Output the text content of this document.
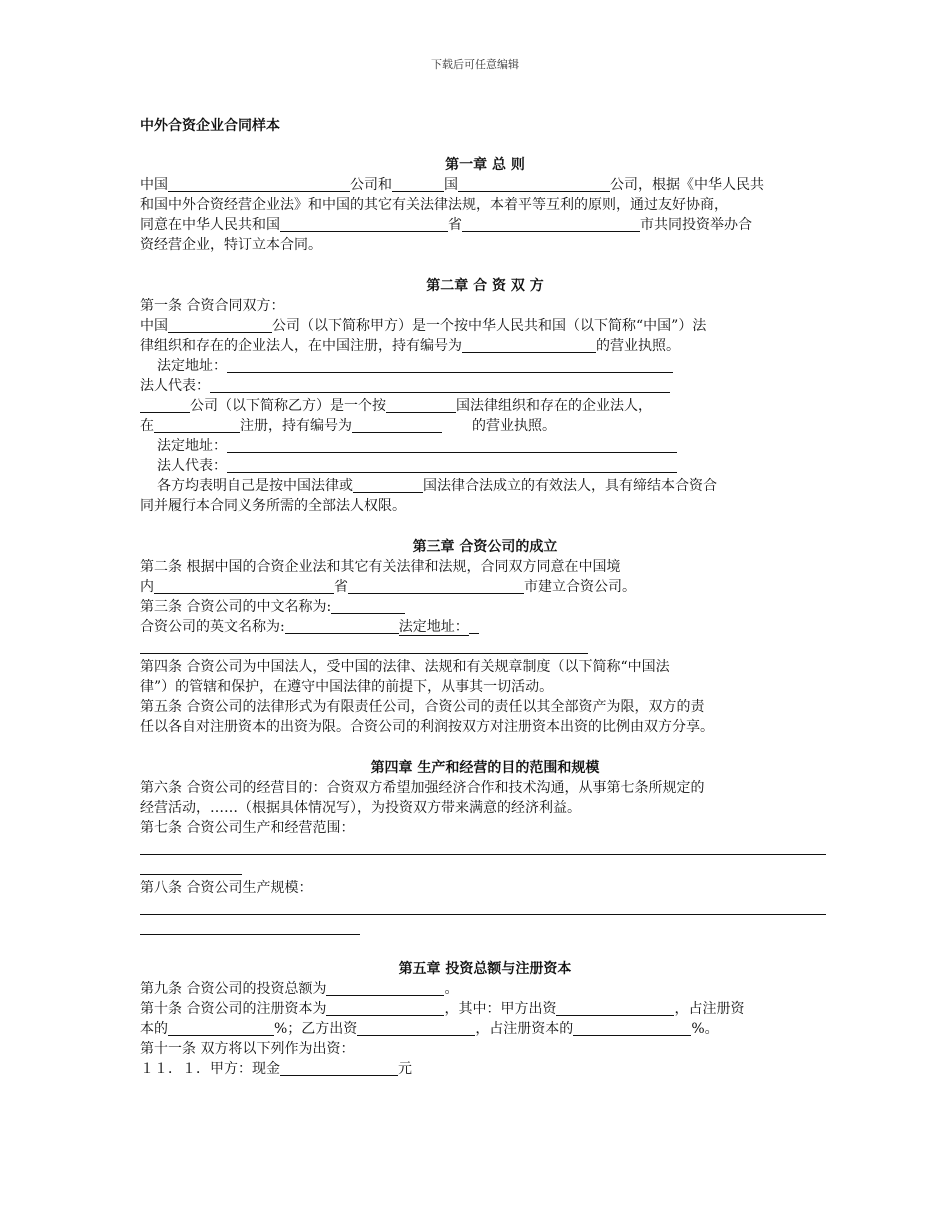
下载后可任意编辑
中外合资企业合同样本
第一章 总 则
中国	公司和	国	公司，根据《中华人民共
和国中外合资经营企业法》和中国的其它有关法律法规，本着平等互利的原则，通过友好协商，
同意在中华人民共和国	省	市共同投资举办合
资经营企业，特订立本合同。
第二章 合 资 双 方
第一条 合资合同双方：
中国	公司（以下简称甲方）是一个按中华人民共和国（以下简称“中国”）法
律组织和存在的企业法人，在中国注册，持有编号为	的营业执照。
法定地址：
法人代表：
公司（以下简称乙方）是一个按	国法律组织和存在的企业法人，
在	注册，持有编号为	的营业执照。
法定地址：
法人代表：
各方均表明自己是按中国法律或	国法律合法成立的有效法人，具有缔结本合资合
同并履行本合同义务所需的全部法人权限。
第三章 合资公司的成立
第二条 根据中国的合资企业法和其它有关法律和法规，合同双方同意在中国境
内	省	市建立合资公司。
第三条 合资公司的中文名称为:
合资公司的英文名称为:	法定地址：
第四条 合资公司为中国法人，受中国的法律、法规和有关规章制度（以下简称“中国法
律”）的管辖和保护，在遵守中国法律的前提下，从事其一切活动。
第五条 合资公司的法律形式为有限责任公司，合资公司的责任以其全部资产为限，双方的责
任以各自对注册资本的出资为限。合资公司的利润按双方对注册资本出资的比例由双方分享。
第四章 生产和经营的目的范围和规模
第六条 合资公司的经营目的：合资双方希望加强经济合作和技术沟通，从事第七条所规定的
经营活动，……（根据具体情况写），为投资双方带来满意的经济利益。
第七条 合资公司生产和经营范围：
第八条 合资公司生产规模：
第五章 投资总额与注册资本
第九条 合资公司的投资总额为	。
第十条 合资公司的注册资本为	，其中：甲方出资	，占注册资
本的	%；乙方出资	，占注册资本的	%。
第十一条 双方将以下列作为出资：
１１．１．甲方：现金	元
